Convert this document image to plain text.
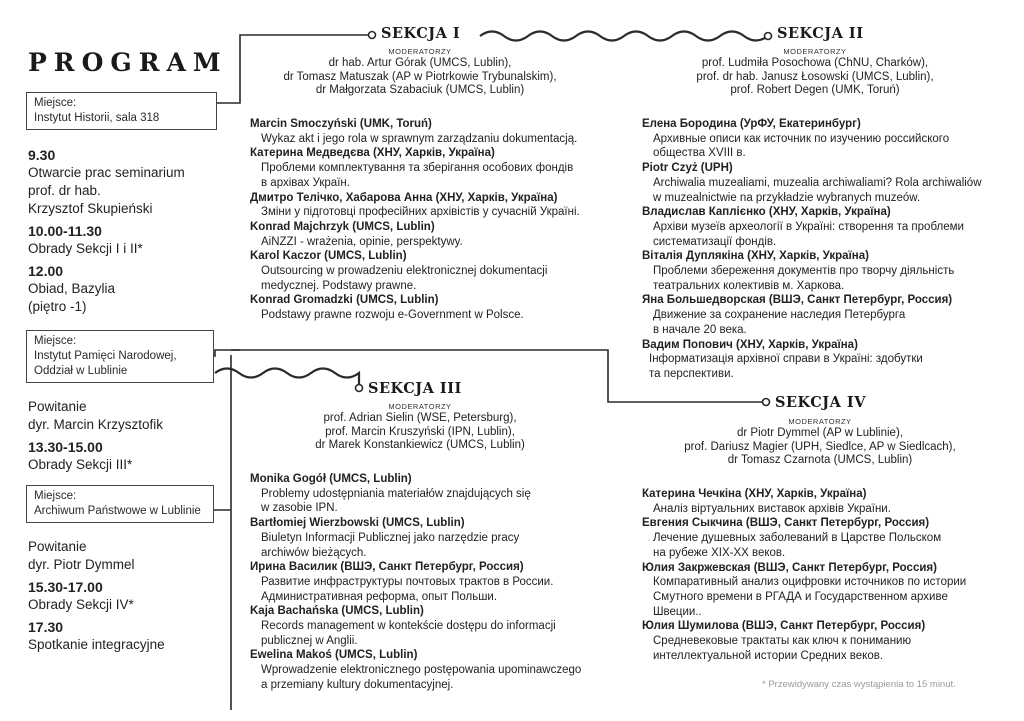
PROGRAM
Miejsce:
Instytut Historii, sala 318
Miejsce:
Instytut Pamięci Narodowej,
Oddział w Lublinie
Miejsce:
Archiwum Państwowe w Lublinie
9.30
Otwarcie prac seminarium
prof. dr hab.
Krzysztof Skupieński
10.00-11.30
Obrady Sekcji I i II*
12.00
Obiad, Bazylia
(piętro -1)
Powitanie
dyr. Marcin Krzysztofik
13.30-15.00
Obrady Sekcji III*
Powitanie
dyr. Piotr Dymmel
15.30-17.00
Obrady Sekcji IV*
17.30
Spotkanie integracyjne
SEKCJA I
MODERATORZY
dr hab. Artur Górak (UMCS, Lublin),
dr Tomasz Matuszak (AP w Piotrkowie Trybunalskim),
dr Małgorzata Szabaciuk (UMCS, Lublin)
Marcin Smoczyński (UMK, Toruń)
Wykaz akt i jego rola w sprawnym zarządzaniu dokumentacją.
Катерина Медведєва (ХНУ, Харків, Україна)
Проблеми комплектування та зберігання особових фондів
в архівах Україн.
Дмитро Телічко, Хабарова Анна (ХНУ, Харків, Україна)
Зміни у підготовці професійних архівістів у сучасній Україні.
Konrad Majchrzyk (UMCS, Lublin)
AiNZZI - wrażenia, opinie, perspektywy.
Karol Kaczor (UMCS, Lublin)
Outsourcing w prowadzeniu elektronicznej dokumentacji
medycznej. Podstawy prawne.
Konrad Gromadzki (UMCS, Lublin)
Podstawy prawne rozwoju e-Government w Polsce.
SEKCJA II
MODERATORZY
prof. Ludmiła Posochowa (ChNU, Charków),
prof. dr hab. Janusz Łosowski (UMCS, Lublin),
prof. Robert Degen (UMK, Toruń)
Елена Бородина (УрФУ, Екатеринбург)
Архивные описи как источник по изучению российского
общества XVIII в.
Piotr Czyż (UPH)
Archiwalia muzealiami, muzealia archiwaliami? Rola archiwaliów
w muzealnictwie na przykładzie wybranych muzeów.
Владислав Каплієнко (ХНУ, Харків, Україна)
Архіви музеїв археології в Україні: створення та проблеми
систематизації фондів.
Віталія Дуплякіна (ХНУ, Харків, Україна)
Проблеми збереження документів про творчу діяльність
театральних колективів м. Харкова.
Яна Большедворская (ВШЭ, Санкт Петербург, Россия)
Движение за сохранение наследия Петербурга
в начале 20 века.
Вадим Попович (ХНУ, Харків, Україна)
Інформатизація архівної справи в Україні: здобутки
та перспективи.
SEKCJA III
MODERATORZY
prof. Adrian Sielin (WSE, Petersburg),
prof. Marcin Kruszyński (IPN, Lublin),
dr Marek Konstankiewicz (UMCS, Lublin)
Monika Gogół (UMCS, Lublin)
Problemy udostępniania materiałów znajdujących się
w zasobie IPN.
Bartłomiej Wierzbowski (UMCS, Lublin)
Biuletyn Informacji Publicznej jako narzędzie pracy
archiwów bieżących.
Ирина Василик (ВШЭ, Санкт Петербург, Россия)
Развитие инфраструктуры почтовых трактов в России.
Административная реформа, опыт Польши.
Kaja Bachańska (UMCS, Lublin)
Records management w kontekście dostępu do informacji
publicznej w Anglii.
Ewelina Makoś (UMCS, Lublin)
Wprowadzenie elektronicznego postępowania upominawczego
a przemiany kultury dokumentacyjnej.
SEKCJA IV
MODERATORZY
dr Piotr Dymmel (AP w Lublinie),
prof. Dariusz Magier (UPH, Siedlce, AP w Siedlcach),
dr Tomasz Czarnota (UMCS, Lublin)
Катерина Чечкіна (ХНУ, Харків, Україна)
Аналіз віртуальних виставок архівів України.
Евгения Сыкчина (ВШЭ, Санкт Петербург, Россия)
Лечение душевных заболеваний в Царстве Польском
на рубеже XIX-XX веков.
Юлия Закржевская (ВШЭ, Санкт Петербург, Россия)
Компаративный анализ оцифровки источников по истории
Смутного времени в РГАДА и Государственном архиве
Швеции..
Юлия Шумилова (ВШЭ, Санкт Петербург, Россия)
Средневековые трактаты как ключ к пониманию
интеллектуальной истории Средних веков.
* Przewidywany czas wystąpienia to 15 minut.
